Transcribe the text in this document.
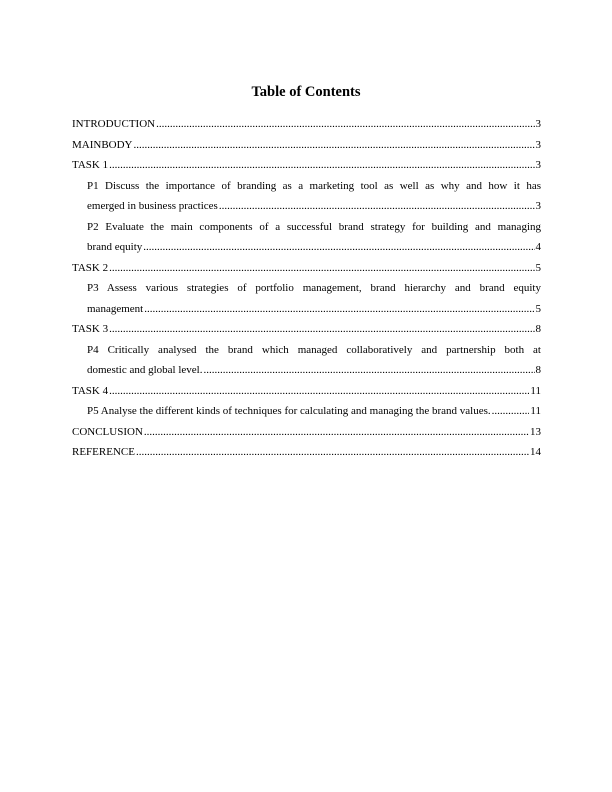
Table of Contents
INTRODUCTION .....	3
MAINBODY .....	3
TASK 1 .....	3
P1 Discuss the importance of branding as a marketing tool as well as why and how it has
emerged in business practices .....	3
P2 Evaluate the main components of a successful brand strategy for building and managing
brand equity .....	4
TASK 2 .....	5
P3 Assess various strategies of portfolio management, brand hierarchy and brand equity
management .....	5
TASK 3 .....	8
P4 Critically analysed the brand which managed collaboratively and partnership both at
domestic and global level. .....	8
TASK 4 .....	11
P5 Analyse the different kinds of techniques for calculating and managing the brand values. .....	11
CONCLUSION .....	13
REFERENCE .....	14
